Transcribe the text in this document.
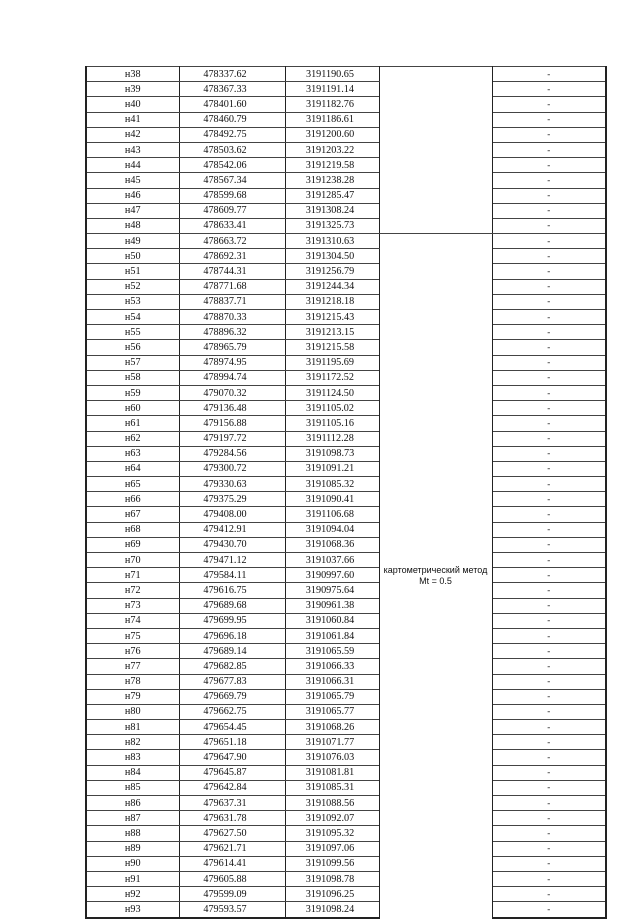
н38	478337.62	3191190.65		-
н39	478367.33	3191191.14		-
н40	478401.60	3191182.76		-
н41	478460.79	3191186.61		-
н42	478492.75	3191200.60		-
н43	478503.62	3191203.22		-
н44	478542.06	3191219.58		-
н45	478567.34	3191238.28		-
н46	478599.68	3191285.47		-
н47	478609.77	3191308.24		-
н48	478633.41	3191325.73		-
н49	478663.72	3191310.63	картометрический метод Mt = 0.5	-
н50	478692.31	3191304.50		-
н51	478744.31	3191256.79		-
н52	478771.68	3191244.34		-
н53	478837.71	3191218.18		-
н54	478870.33	3191215.43		-
н55	478896.32	3191213.15		-
н56	478965.79	3191215.58		-
н57	478974.95	3191195.69		-
н58	478994.74	3191172.52		-
н59	479070.32	3191124.50		-
н60	479136.48	3191105.02		-
н61	479156.88	3191105.16		-
н62	479197.72	3191112.28		-
н63	479284.56	3191098.73		-
н64	479300.72	3191091.21		-
н65	479330.63	3191085.32		-
н66	479375.29	3191090.41		-
н67	479408.00	3191106.68		-
н68	479412.91	3191094.04		-
н69	479430.70	3191068.36		-
н70	479471.12	3191037.66		-
н71	479584.11	3190997.60		-
н72	479616.75	3190975.64		-
н73	479689.68	3190961.38		-
н74	479699.95	3191060.84		-
н75	479696.18	3191061.84		-
н76	479689.14	3191065.59		-
н77	479682.85	3191066.33		-
н78	479677.83	3191066.31		-
н79	479669.79	3191065.79		-
н80	479662.75	3191065.77		-
н81	479654.45	3191068.26		-
н82	479651.18	3191071.77		-
н83	479647.90	3191076.03		-
н84	479645.87	3191081.81		-
н85	479642.84	3191085.31		-
н86	479637.31	3191088.56		-
н87	479631.78	3191092.07		-
н88	479627.50	3191095.32		-
н89	479621.71	3191097.06		-
н90	479614.41	3191099.56		-
н91	479605.88	3191098.78		-
н92	479599.09	3191096.25		-
н93	479593.57	3191098.24		-
